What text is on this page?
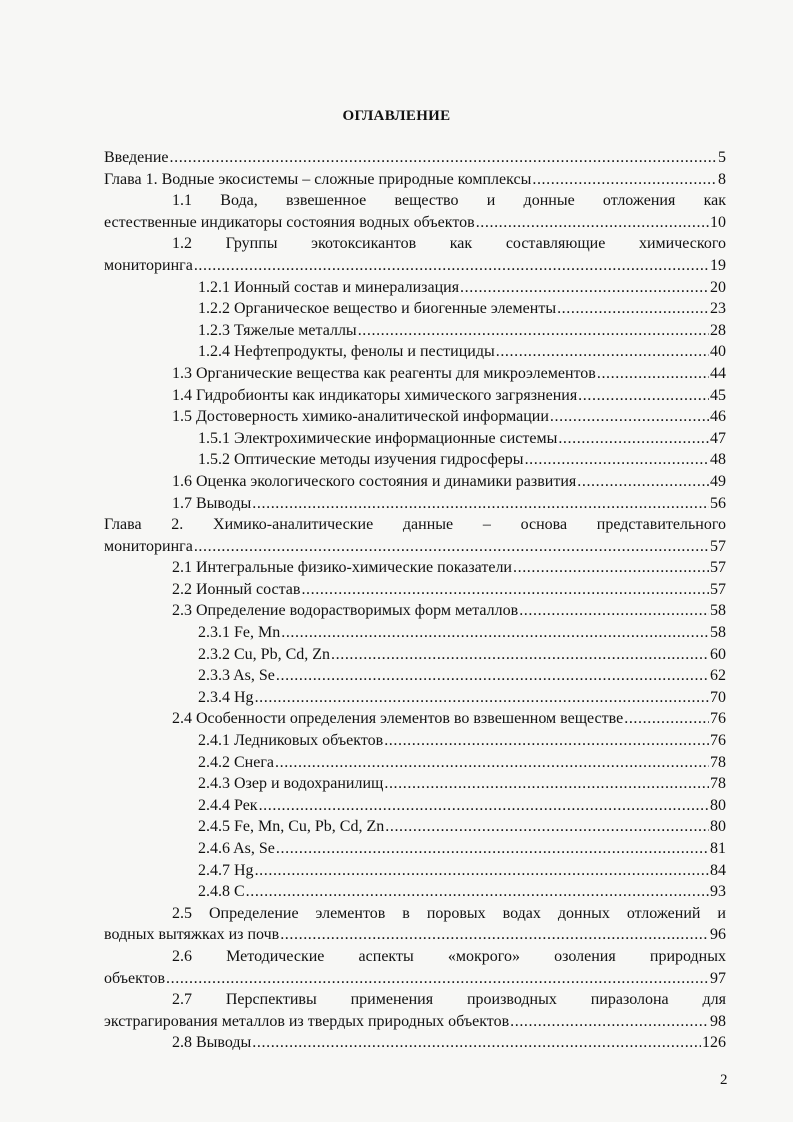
ОГЛАВЛЕНИЕ
Введение .....	5
Глава 1. Водные экосистемы – сложные природные комплексы .....	8
1.1 Вода, взвешенное вещество и донные отложения как
естественные индикаторы состояния водных объектов .....	10
1.2 Группы экотоксикантов как составляющие химического
мониторинга .....	19
1.2.1 Ионный состав и минерализация .....	20
1.2.2 Органическое вещество и биогенные элементы .....	23
1.2.3 Тяжелые металлы .....	28
1.2.4 Нефтепродукты, фенолы и пестициды .....	40
1.3 Органические вещества как реагенты для микроэлементов .....	44
1.4 Гидробионты как индикаторы химического загрязнения .....	45
1.5 Достоверность химико-аналитической информации .....	46
1.5.1 Электрохимические информационные системы .....	47
1.5.2 Оптические методы изучения гидросферы .....	48
1.6 Оценка экологического состояния и динамики развития .....	49
1.7 Выводы .....	56
Глава 2. Химико-аналитические данные – основа представительного
мониторинга .....	57
2.1 Интегральные физико-химические показатели .....	57
2.2 Ионный состав .....	57
2.3 Определение водорастворимых форм металлов .....	58
2.3.1 Fe, Mn .....	58
2.3.2 Cu, Pb, Cd, Zn .....	60
2.3.3 As, Se .....	62
2.3.4 Hg .....	70
2.4 Особенности определения элементов во взвешенном веществе .....	76
2.4.1 Ледниковых объектов .....	76
2.4.2 Снега .....	78
2.4.3 Озер и водохранилищ .....	78
2.4.4 Рек .....	80
2.4.5 Fe, Mn, Cu, Pb, Cd, Zn .....	80
2.4.6 As, Se .....	81
2.4.7 Hg .....	84
2.4.8 C .....	93
2.5 Определение элементов в поровых водах донных отложений и
водных вытяжках из почв .....	96
2.6 Методические аспекты «мокрого» озоления природных
объектов .....	97
2.7 Перспективы применения производных пиразолона для
экстрагирования металлов из твердых природных объектов .....	98
2.8 Выводы .....	126
2
